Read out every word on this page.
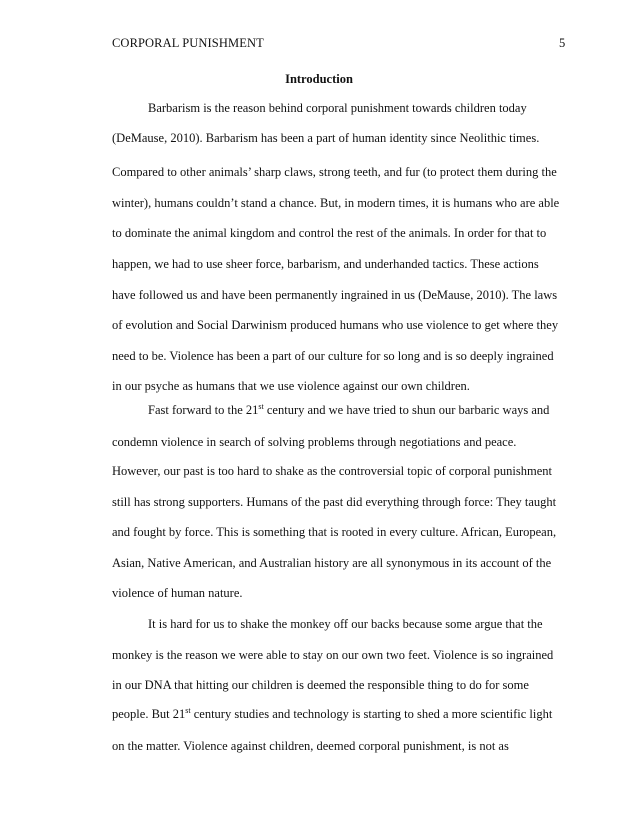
CORPORAL PUNISHMENT	5
Introduction
Barbarism is the reason behind corporal punishment towards children today
(DeMause, 2010). Barbarism has been a part of human identity since Neolithic times.
Compared to other animals’ sharp claws, strong teeth, and fur (to protect them during the
winter), humans couldn’t stand a chance. But, in modern times, it is humans who are able
to dominate the animal kingdom and control the rest of the animals. In order for that to
happen, we had to use sheer force, barbarism, and underhanded tactics. These actions
have followed us and have been permanently ingrained in us (DeMause, 2010). The laws
of evolution and Social Darwinism produced humans who use violence to get where they
need to be. Violence has been a part of our culture for so long and is so deeply ingrained
in our psyche as humans that we use violence against our own children.
Fast forward to the 21st century and we have tried to shun our barbaric ways and
condemn violence in search of solving problems through negotiations and peace.
However, our past is too hard to shake as the controversial topic of corporal punishment
still has strong supporters. Humans of the past did everything through force: They taught
and fought by force. This is something that is rooted in every culture. African, European,
Asian, Native American, and Australian history are all synonymous in its account of the
violence of human nature.
It is hard for us to shake the monkey off our backs because some argue that the
monkey is the reason we were able to stay on our own two feet. Violence is so ingrained
in our DNA that hitting our children is deemed the responsible thing to do for some
people. But 21st century studies and technology is starting to shed a more scientific light
on the matter. Violence against children, deemed corporal punishment, is not as
